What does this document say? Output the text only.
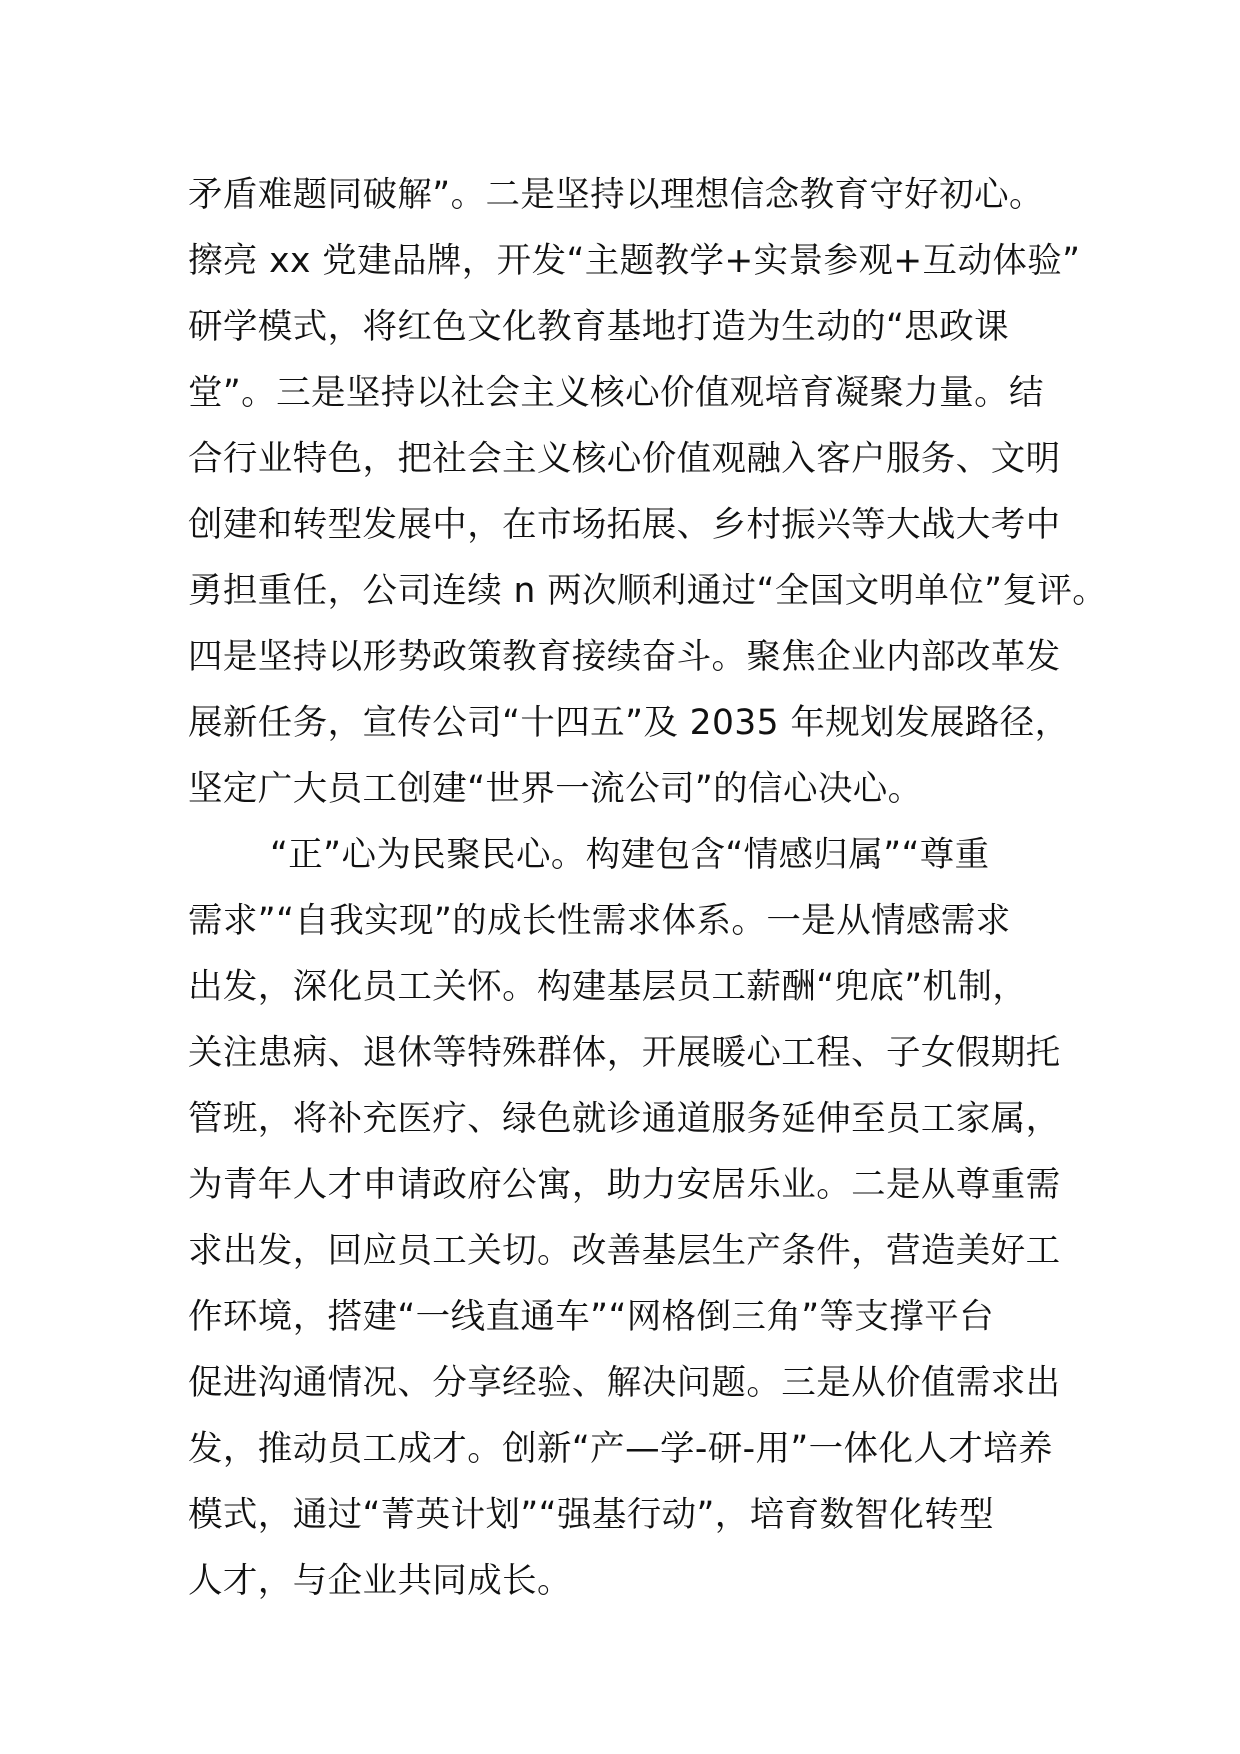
矛盾难题同破解”。二是坚持以理想信念教育守好初心。
擦亮 xx 党建品牌，开发“主题教学+实景参观+互动体验”
研学模式，将红色文化教育基地打造为生动的“思政课
堂”。三是坚持以社会主义核心价值观培育凝聚力量。结
合行业特色，把社会主义核心价值观融入客户服务、文明
创建和转型发展中，在市场拓展、乡村振兴等大战大考中
勇担重任，公司连续 n 两次顺利通过“全国文明单位”复评。
四是坚持以形势政策教育接续奋斗。聚焦企业内部改革发
展新任务，宣传公司“十四五”及 2035 年规划发展路径，
坚定广大员工创建“世界一流公司”的信心决心。
“正”心为民聚民心。构建包含“情感归属”“尊重
需求”“自我实现”的成长性需求体系。一是从情感需求
出发，深化员工关怀。构建基层员工薪酬“兜底”机制，
关注患病、退休等特殊群体，开展暖心工程、子女假期托
管班，将补充医疗、绿色就诊通道服务延伸至员工家属，
为青年人才申请政府公寓，助力安居乐业。二是从尊重需
求出发，回应员工关切。改善基层生产条件，营造美好工
作环境，搭建“一线直通车”“网格倒三角”等支撑平台
促进沟通情况、分享经验、解决问题。三是从价值需求出
发，推动员工成才。创新“产—学-研-用”一体化人才培养
模式，通过“菁英计划”“强基行动”，培育数智化转型
人才，与企业共同成长。
